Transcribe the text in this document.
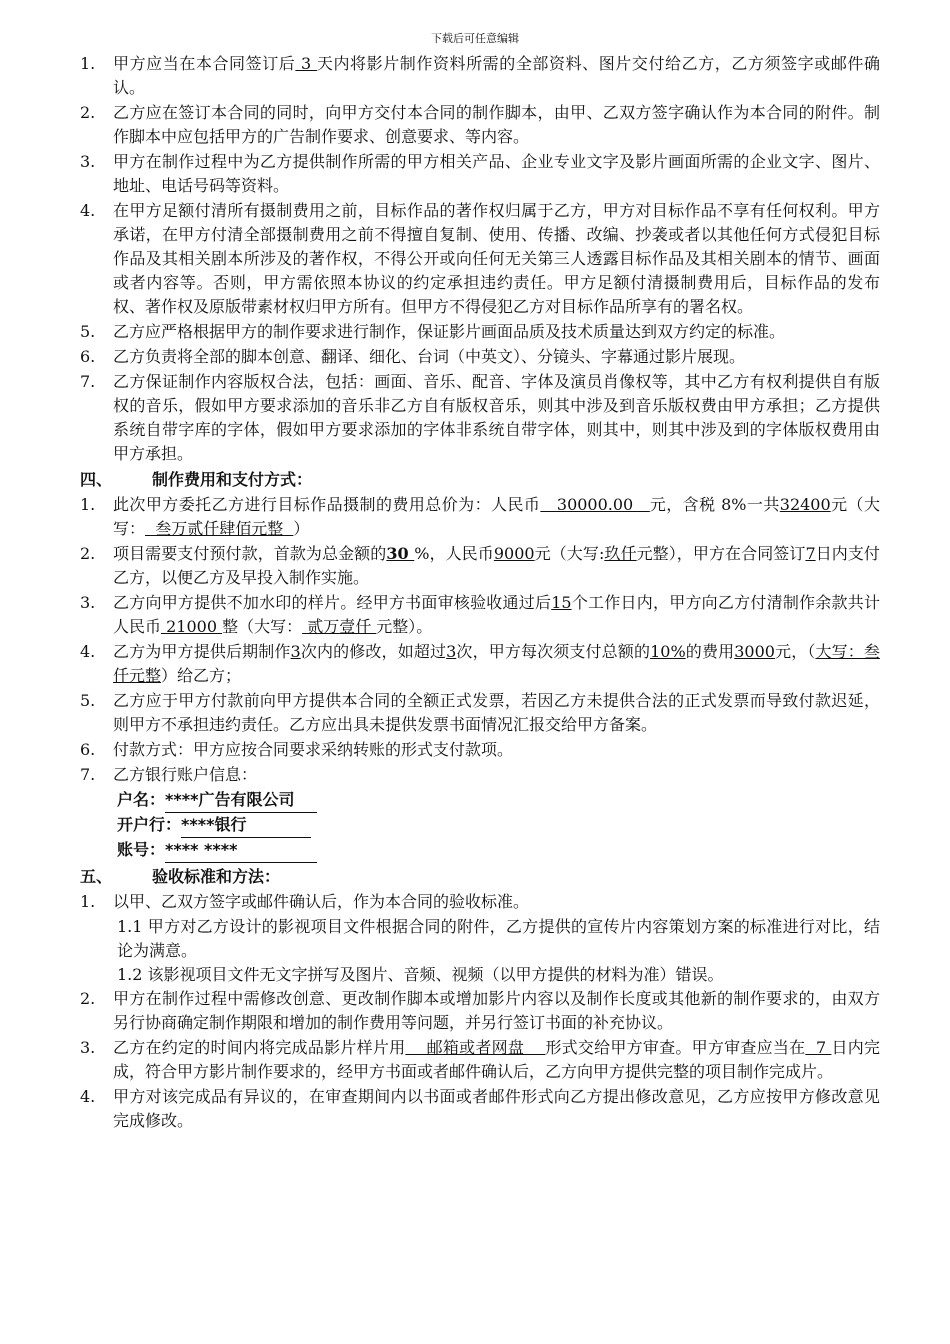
下载后可任意编辑
1.	甲方应当在本合同签订后 3 天内将影片制作资料所需的全部资料、图片交付给乙方，乙方须签字或邮件确认。
2.	乙方应在签订本合同的同时，向甲方交付本合同的制作脚本，由甲、乙双方签字确认作为本合同的附件。制作脚本中应包括甲方的广告制作要求、创意要求、等内容。
3.	甲方在制作过程中为乙方提供制作所需的甲方相关产品、企业专业文字及影片画面所需的企业文字、图片、地址、电话号码等资料。
4.	在甲方足额付清所有摄制费用之前，目标作品的著作权归属于乙方，甲方对目标作品不享有任何权利。甲方承诺，在甲方付清全部摄制费用之前不得擅自复制、使用、传播、改编、抄袭或者以其他任何方式侵犯目标作品及其相关剧本所涉及的著作权，不得公开或向任何无关第三人透露目标作品及其相关剧本的情节、画面或者内容等。否则，甲方需依照本协议的约定承担违约责任。甲方足额付清摄制费用后，目标作品的发布权、著作权及原版带素材权归甲方所有。但甲方不得侵犯乙方对目标作品所享有的署名权。
5.	乙方应严格根据甲方的制作要求进行制作，保证影片画面品质及技术质量达到双方约定的标准。
6.	乙方负责将全部的脚本创意、翻译、细化、台词（中英文）、分镜头、字幕通过影片展现。
7.	乙方保证制作内容版权合法，包括：画面、音乐、配音、字体及演员肖像权等，其中乙方有权利提供自有版权的音乐，假如甲方要求添加的音乐非乙方自有版权音乐，则其中涉及到音乐版权费由甲方承担；乙方提供系统自带字库的字体，假如甲方要求添加的字体非系统自带字体，则其中，则其中涉及到的字体版权费用由甲方承担。
四、	制作费用和支付方式：
1.	此次甲方委托乙方进行目标作品摄制的费用总价为：人民币   30000.00   元，含税 8%一共32400元（大写：  叁万贰仟肆佰元整  ）
2.	项目需要支付预付款，首款为总金额的30 %，人民币9000元（大写:玖仟元整），甲方在合同签订7日内支付乙方，以便乙方及早投入制作实施。
3.	乙方向甲方提供不加水印的样片。经甲方书面审核验收通过后15个工作日内，甲方向乙方付清制作余款共计人民币 21000 整（大写： 贰万壹仟 元整）。
4.	乙方为甲方提供后期制作3次内的修改，如超过3次，甲方每次须支付总额的10%的费用3000元，（大写：叁仟元整）给乙方；
5.	乙方应于甲方付款前向甲方提供本合同的全额正式发票，若因乙方未提供合法的正式发票而导致付款迟延，则甲方不承担违约责任。乙方应出具未提供发票书面情况汇报交给甲方备案。
6.	付款方式：甲方应按合同要求采纳转账的形式支付款项。
7.	乙方银行账户信息：
户名：****广告有限公司
开户行：****银行
账号：**** ****
五、	验收标准和方法：
1.	以甲、乙双方签字或邮件确认后，作为本合同的验收标准。
1.1 甲方对乙方设计的影视项目文件根据合同的附件，乙方提供的宣传片内容策划方案的标准进行对比，结论为满意。
1.2 该影视项目文件无文字拼写及图片、音频、视频（以甲方提供的材料为准）错误。
2.	甲方在制作过程中需修改创意、更改制作脚本或增加影片内容以及制作长度或其他新的制作要求的，由双方另行协商确定制作期限和增加的制作费用等问题，并另行签订书面的补充协议。
3.	乙方在约定的时间内将完成品影片样片用    邮箱或者网盘    形式交给甲方审查。甲方审查应当在  7 日内完成，符合甲方影片制作要求的，经甲方书面或者邮件确认后，乙方向甲方提供完整的项目制作完成片。
4.	甲方对该完成品有异议的，在审查期间内以书面或者邮件形式向乙方提出修改意见，乙方应按甲方修改意见完成修改。
